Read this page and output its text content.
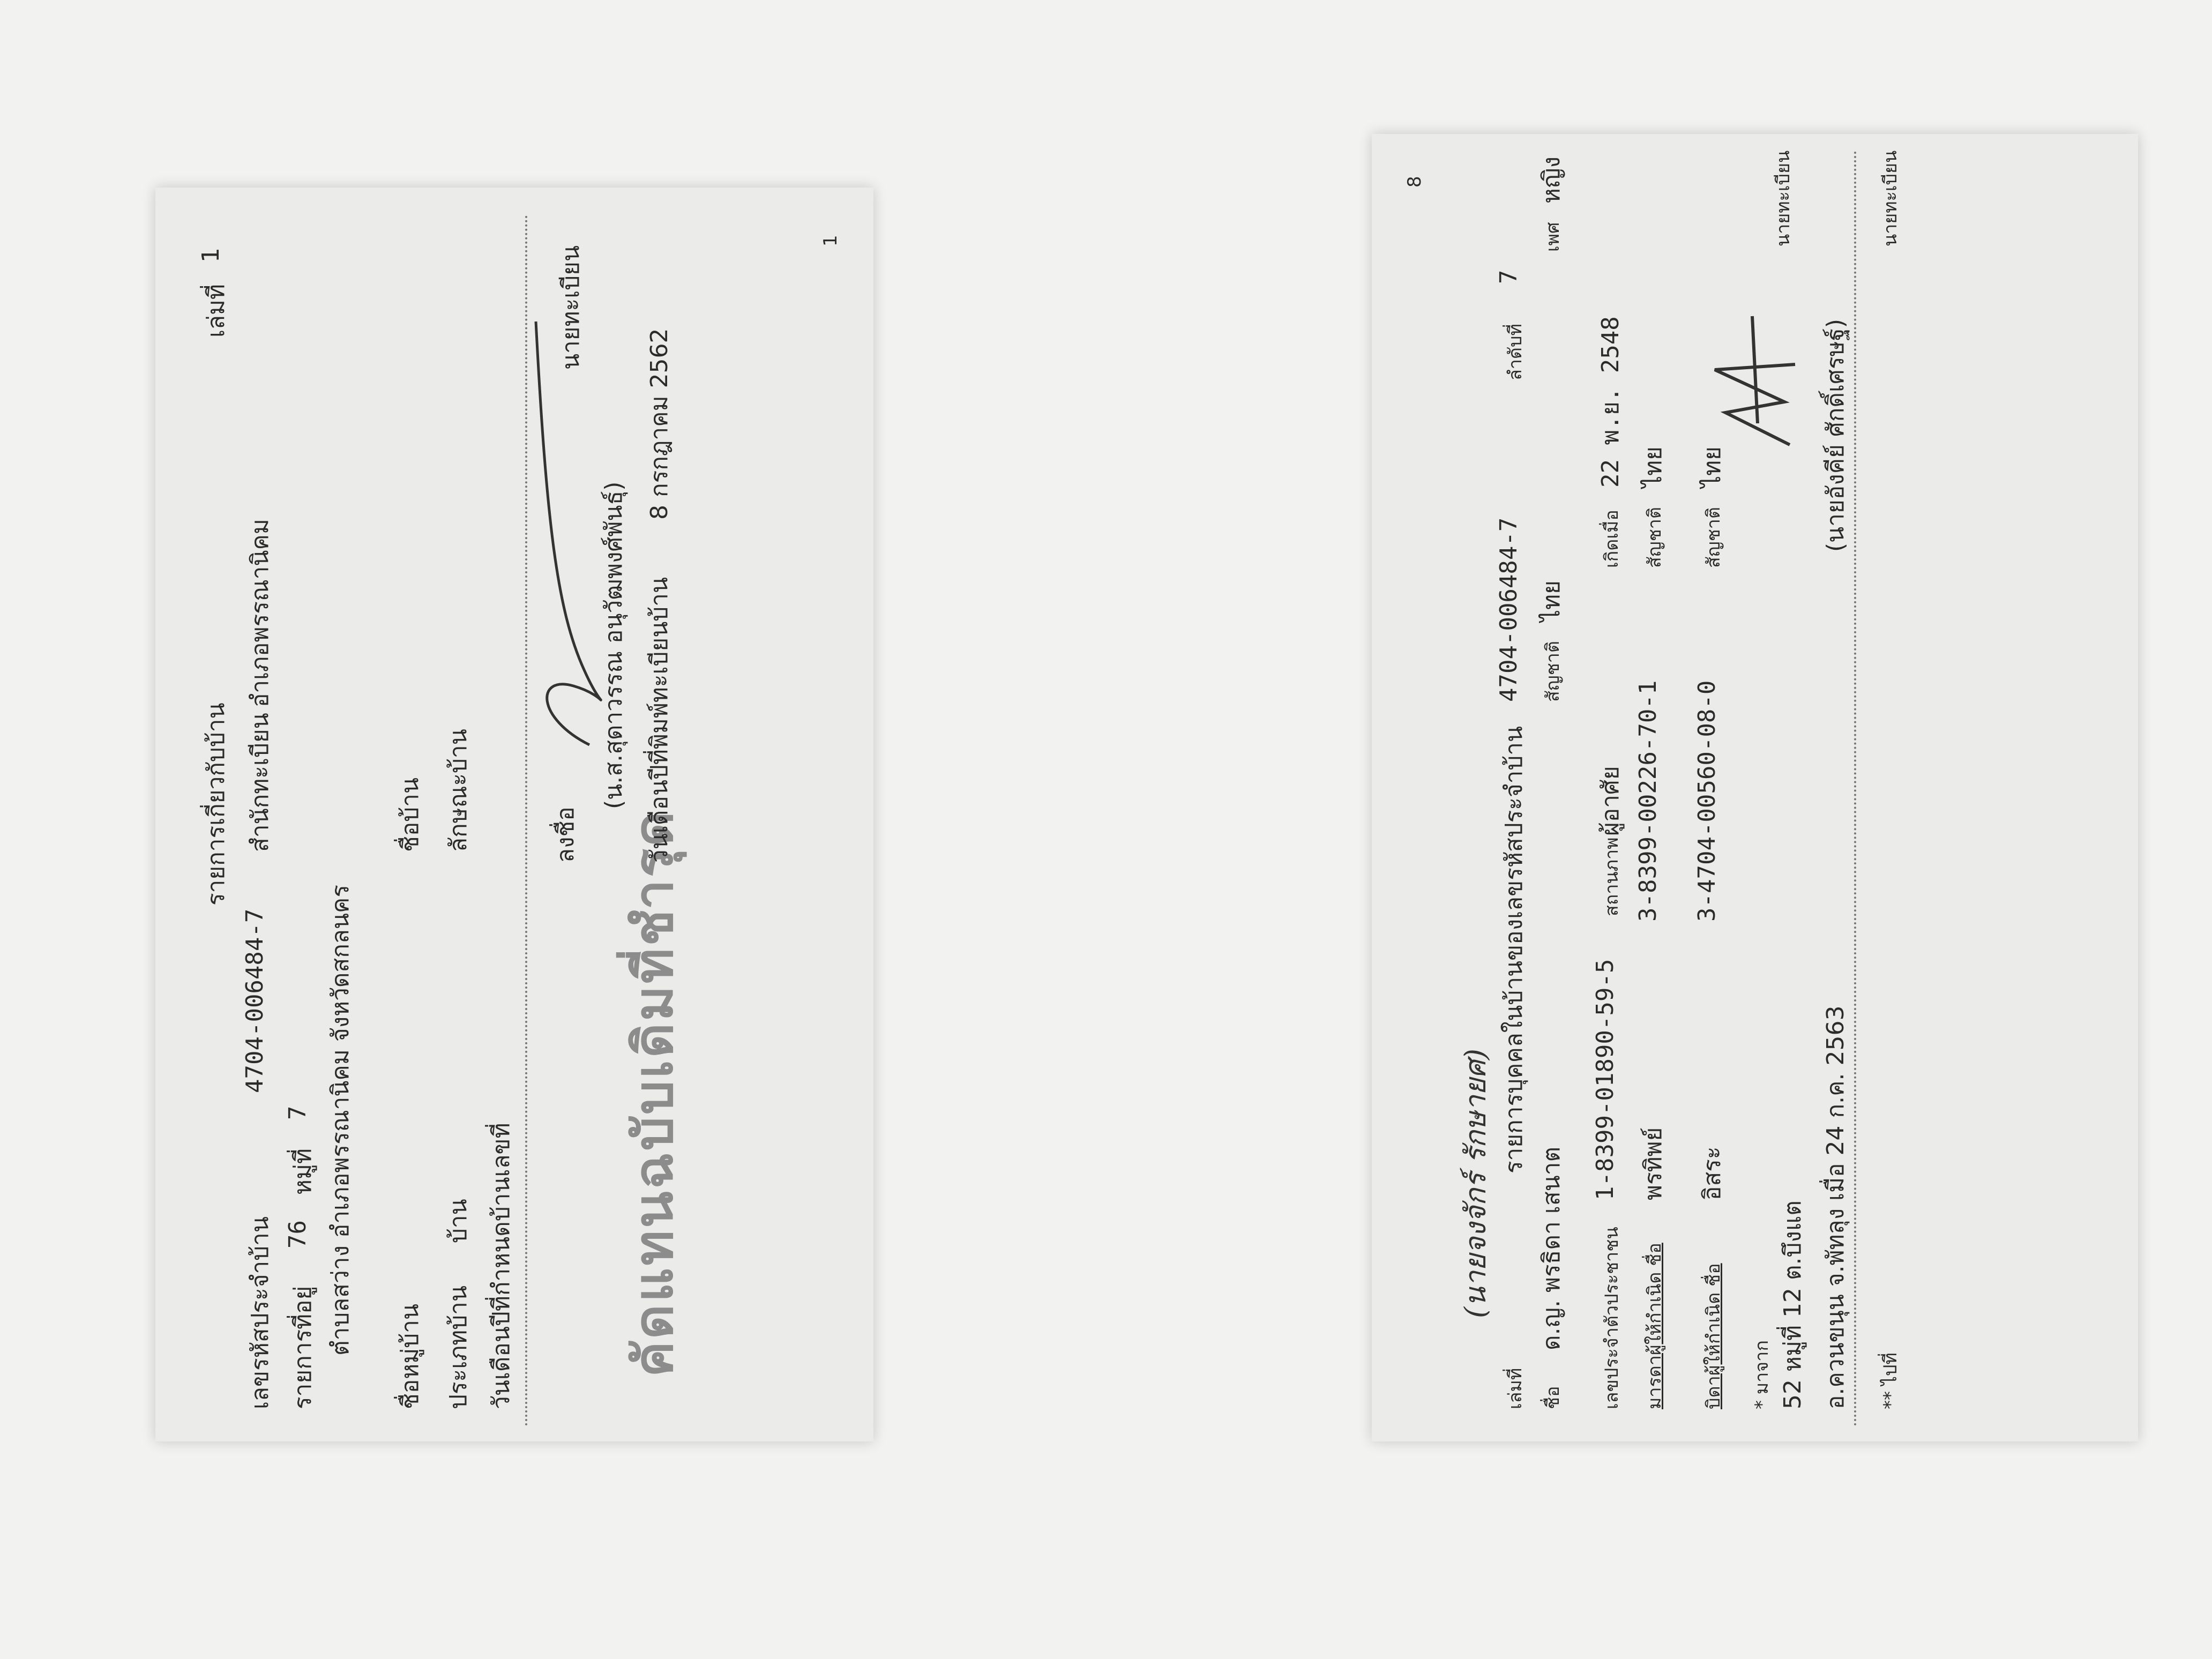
รายการเกี่ยวกับบ้าน
เล่มที่
1
เลขรหัสประจำบ้าน
4704-006484-7
สำนักทะเบียน
อำเภอพรรณานิคม
รายการที่อยู่
76
หมู่ที่
7 ตำบลสว่าง อำเภอพรรณานิคม จังหวัดสกลนคร
ชื่อหมู่บ้าน
ชื่อบ้าน
ประเภทบ้าน
บ้าน
ลักษณะบ้าน
วันเดือนปีที่กำหนดบ้านเลขที่ คัดแทนฉบับเดิมที่ชำรุด
ลงชื่อ
นายทะเบียน
(น.ส.สุดาวรรณ อนุวัฒพงศ์พันธุ์) วันเดือนปีที่พิมพ์ทะเบียนบ้าน
8 กรกฎาคม 2562
1
8
(นายจงจักร์ รักษายศ)
เล่มที่
รายการบุคคลในบ้านของเลขรหัสประจำบ้าน
4704-006484-7
ลำดับที่
7
ชื่อ
ด.ญ. พรธิดา เสนาต
สัญชาติ
ไทย
เพศ
หญิง
เลขประจำตัวประชาชน
1-8399-01890-59-5
สถานภาพ
ผู้อาศัย
เกิดเมื่อ
22 พ.ย. 2548
มารดาผู้ให้กำเนิด ชื่อ
พรทิพย์
3-8399-00226-70-1
สัญชาติ
ไทย
บิดาผู้ให้กำเนิด ชื่อ
อิสระ
3-4704-00560-08-0
สัญชาติ
ไทย
* มาจาก 52 หมู่ที่ 12 ต.บึงแต อ.ควนขนุน จ.พัทลุง เมื่อ 24 ก.ค. 2563
นายทะเบียน
(นายอังคีย์ ศักดิ์เศรษฐ์)
** ไปที่
นายทะเบียน
